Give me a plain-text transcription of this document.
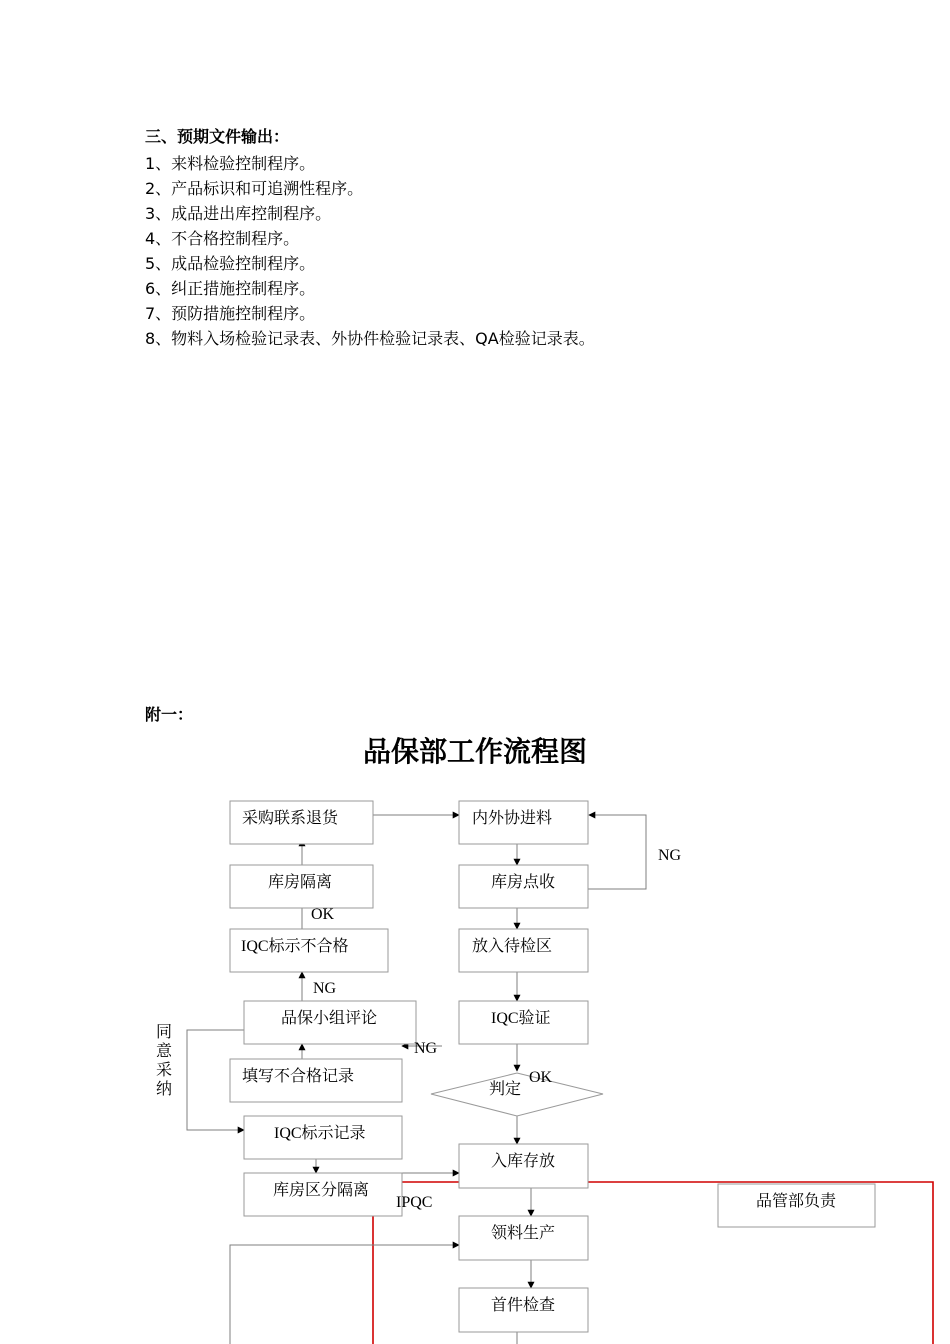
三、预期文件输出：
1、来料检验控制程序。
2、产品标识和可追溯性程序。
3、成品进出库控制程序。
4、不合格控制程序。
5、成品检验控制程序。
6、纠正措施控制程序。
7、预防措施控制程序。
8、物料入场检验记录表、外协件检验记录表、QA检验记录表。
附一：
品保部工作流程图
采购联系退货
库房隔离
IQC标示不合格
品保小组评论
填写不合格记录
IQC标示记录
库房区分隔离
内外协进料
库房点收
放入待检区
IQC验证
判定
入库存放
领料生产
首件检查
品管部负责
NG
OK
NG
NG
OK
IPQC
同
意
采
纳
